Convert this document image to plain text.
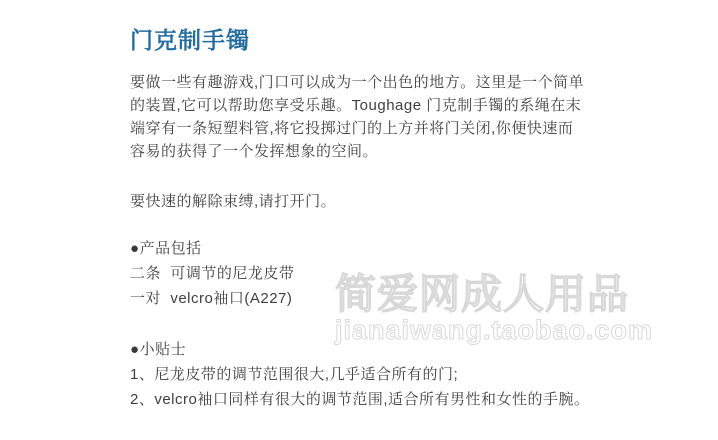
门克制手镯
要做一些有趣游戏,门口可以成为一个出色的地方。这里是一个简单
的装置,它可以帮助您享受乐趣。Toughage 门克制手镯的系绳在末
端穿有一条短塑料管,将它投掷过门的上方并将门关闭,你便快速而
容易的获得了一个发挥想象的空间。
要快速的解除束缚,请打开门。
●产品包括
二条  可调节的尼龙皮带
一对  velcro袖口(A227)
●小贴士
1、尼龙皮带的调节范围很大,几乎适合所有的门;
2、velcro袖口同样有很大的调节范围,适合所有男性和女性的手腕。
简爱网成人用品
jianaiwang.taobao.com
